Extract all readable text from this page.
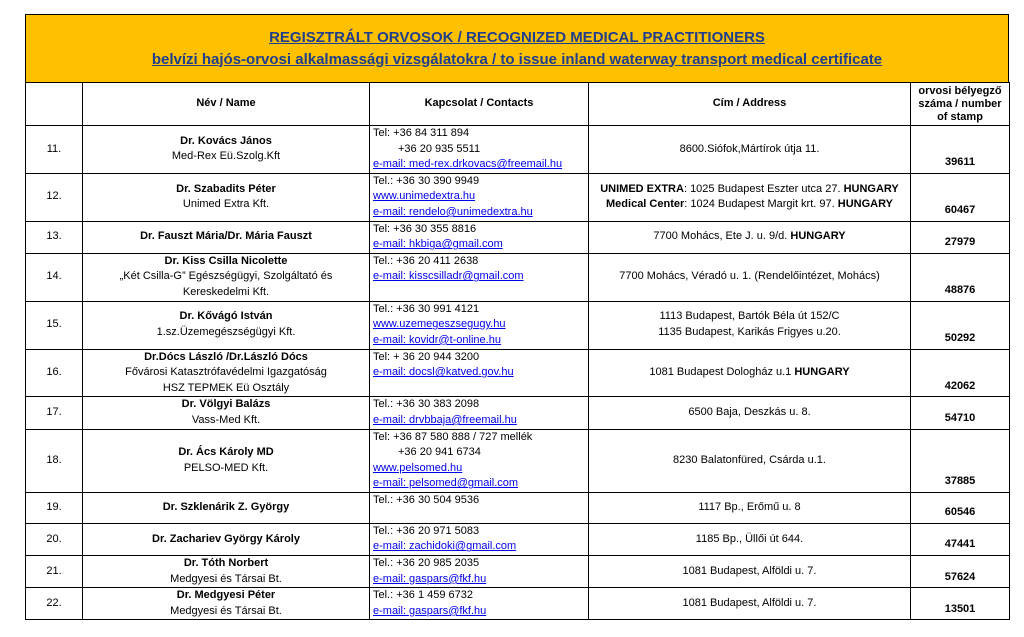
REGISZTRÁLT ORVOSOK / RECOGNIZED MEDICAL PRACTITIONERS
belvízi hajós-orvosi alkalmassági vizsgálatokra / to issue inland waterway transport medical certificate
	Név / Name	Kapcsolat / Contacts	Cím / Address	orvosi bélyegző száma / number of stamp
11.	Dr. Kovács János
Med-Rex Eü.Szolg.Kft	Tel: +36 84 311 894
+36 20 935 5511
e-mail: med-rex.drkovacs@freemail.hu	8600.Siófok,Mártírok útja 11.	39611
12.	Dr. Szabadits Péter
Unimed Extra Kft.	Tel.: +36 30 390 9949
www.unimedextra.hu
e-mail: rendelo@unimedextra.hu	UNIMED EXTRA: 1025 Budapest Eszter utca 27. HUNGARY
Medical Center: 1024 Budapest Margit krt. 97. HUNGARY	60467
13.	Dr. Fauszt Mária/Dr. Mária Fauszt	Tel: +36 30 355 8816
e-mail: hkbiga@gmail.com	7700 Mohács, Ete J. u. 9/d. HUNGARY	27979
14.	Dr. Kiss Csilla Nicolette
„Két Csilla-G” Egészségügyi, Szolgáltató és
Kereskedelmi Kft.	Tel.: +36 20 411 2638
e-mail: kisscsilladr@gmail.com	7700 Mohács, Véradó u. 1. (Rendelőintézet, Mohács)	48876
15.	Dr. Kővágó István
1.sz.Üzemegészségügyi Kft.	Tel.: +36 30 991 4121
www.uzemegeszsegugy.hu
e-mail: kovidr@t-online.hu	1113 Budapest, Bartók Béla út 152/C
1135 Budapest, Karikás Frigyes u.20.	50292
16.	Dr.Dócs László /Dr.László Dócs
Fővárosi Katasztrófavédelmi Igazgatóság
HSZ TEPMEK Eü Osztály	Tel: + 36 20 944 3200
e-mail: docsl@katved.gov.hu	1081 Budapest Dologház u.1 HUNGARY	42062
17.	Dr. Völgyi Balázs
Vass-Med Kft.	Tel.: +36 30 383 2098
e-mail: drvbbaja@freemail.hu	6500 Baja, Deszkás u. 8.	54710
18.	Dr. Ács Károly MD
PELSO-MED Kft.	Tel: +36 87 580 888 / 727 mellék
+36 20 941 6734
www.pelsomed.hu
e-mail: pelsomed@gmail.com	8230 Balatonfüred, Csárda u.1.	37885
19.	Dr. Szklenárik Z. György	Tel.: +36 30 504 9536	1117 Bp., Erőmű u. 8	60546
20.	Dr. Zachariev György Károly	Tel.: +36 20 971 5083
e-mail: zachidoki@gmail.com	1185 Bp., Üllői út 644.	47441
21.	Dr. Tóth Norbert
Medgyesi és Társai Bt.	Tel.: +36 20 985 2035
e-mail: gaspars@fkf.hu	1081 Budapest, Alföldi u. 7.	57624
22.	Dr. Medgyesi Péter
Medgyesi és Társai Bt.	Tel.: +36 1 459 6732
e-mail: gaspars@fkf.hu	1081 Budapest, Alföldi u. 7.	13501
